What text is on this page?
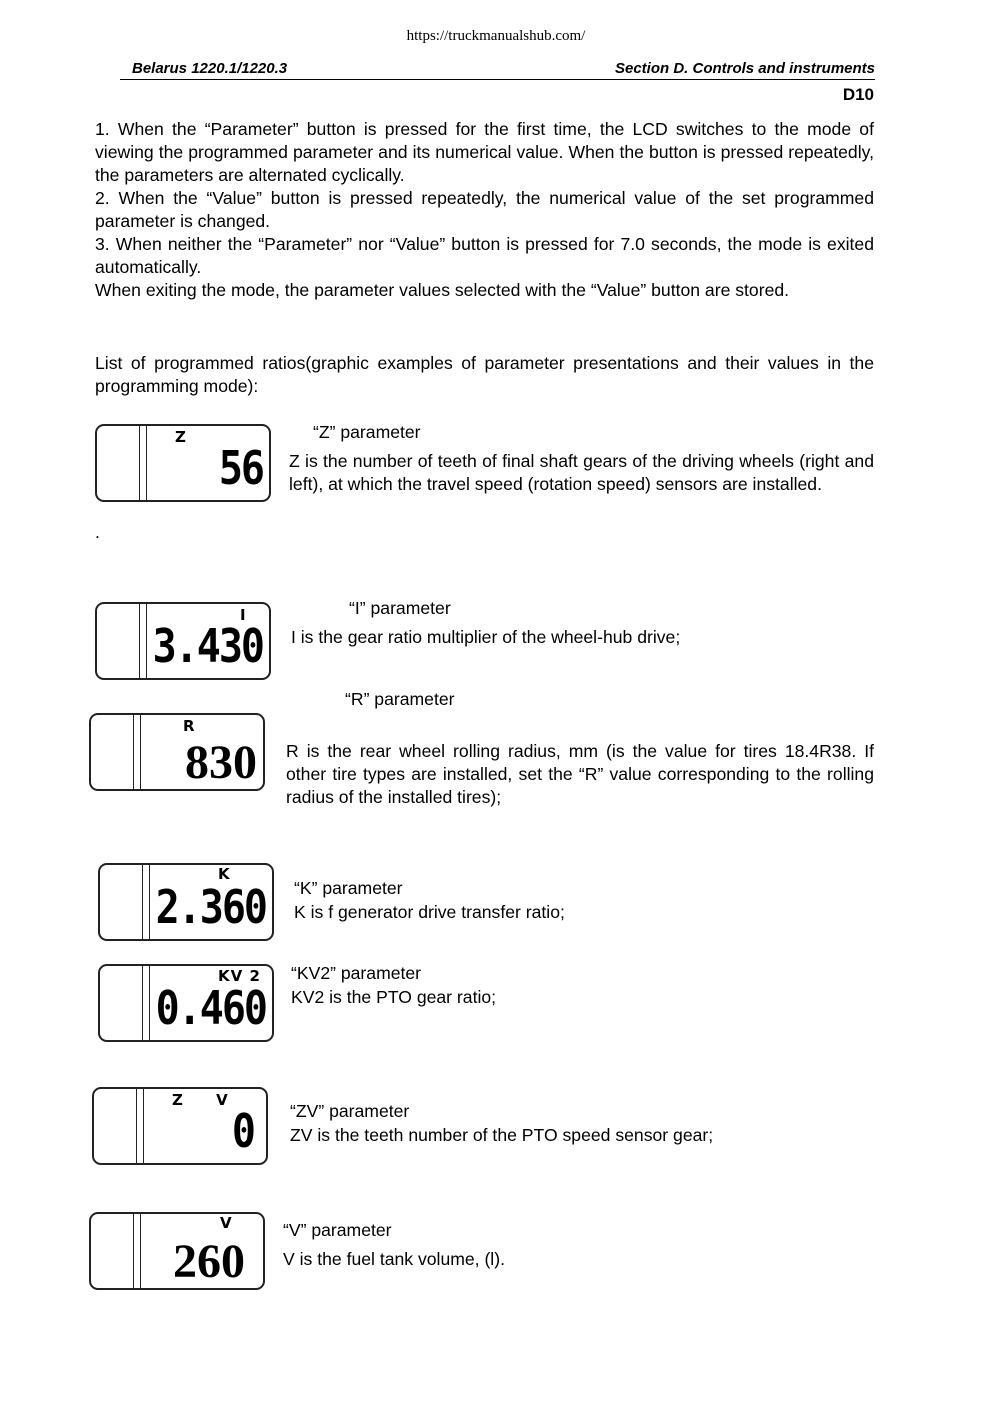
https://truckmanualshub.com/
Belarus 1220.1/1220.3	Section D. Controls and instruments
D10

1. When the “Parameter” button is pressed for the first time, the LCD switches to the mode of viewing the programmed parameter and its numerical value. When the button is pressed repeatedly, the parameters are alternated cyclically.

2. When the “Value” button is pressed repeatedly, the numerical value of the set programmed parameter is changed.

3. When neither the “Parameter” nor “Value” button is pressed for 7.0 seconds, the mode is exited automatically.

When exiting the mode, the parameter values selected with the “Value” button are stored.

List of programmed ratios(graphic examples of parameter presentations and their values in the programming mode):
Z
56
“Z” parameter
Z is the number of teeth of final shaft gears of the driving wheels (right and left), at which the travel speed (rotation speed) sensors are installed.
.
I
3.430
“I” parameter
I is the gear ratio multiplier of the wheel-hub drive;
“R” parameter
R
830 R is the rear wheel rolling radius, mm (is the value for tires 18.4R38. If other tire types are installed, set the “R” value corresponding to the rolling radius of the installed tires);
K
2.360 “K” parameter
K is f generator drive transfer ratio;
KV 2
0.460
“KV2” parameter
KV2 is the PTO gear ratio;
Z V
0 “ZV” parameter
ZV is the teeth number of the PTO speed sensor gear;
V
260
“V” parameter
V is the fuel tank volume, (l).
